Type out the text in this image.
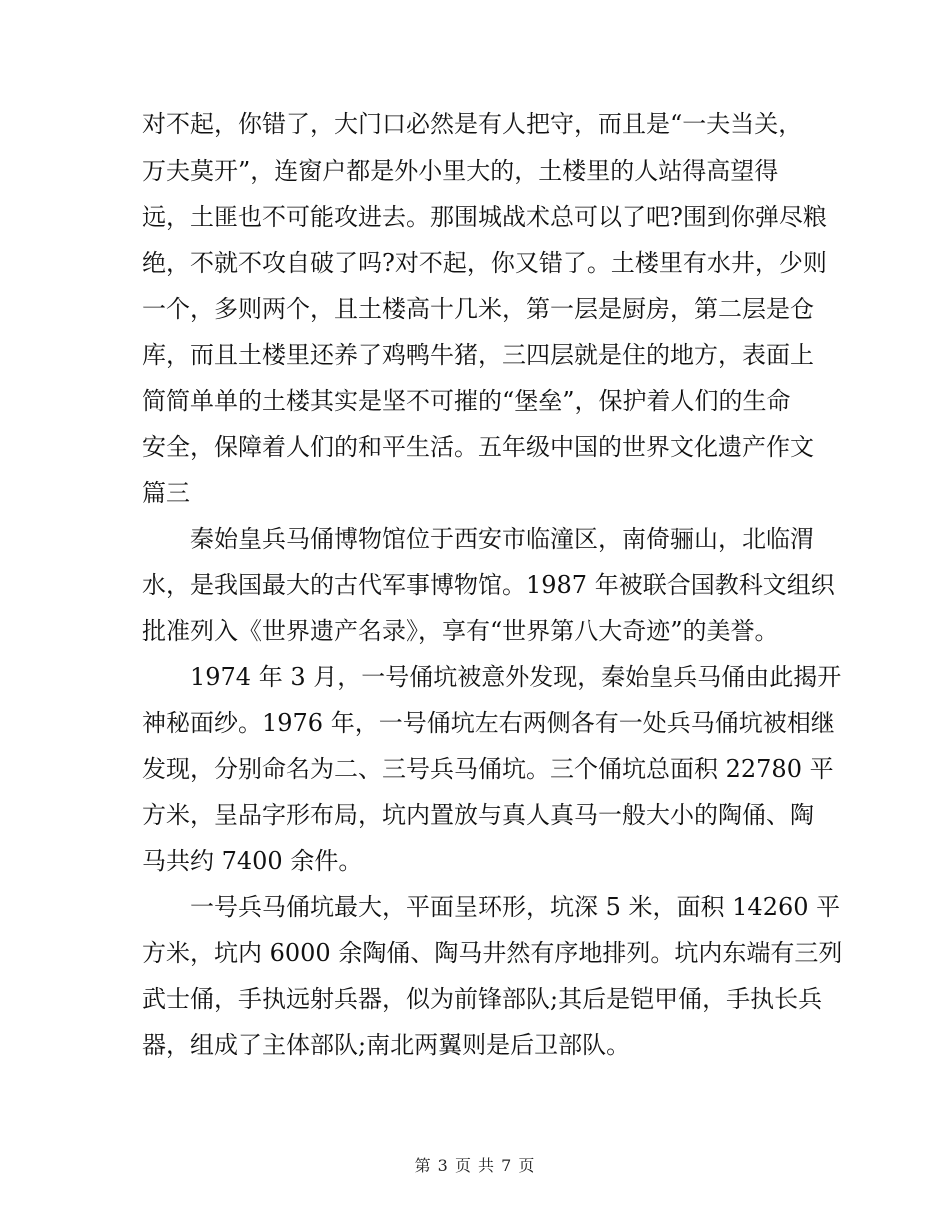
对不起，你错了，大门口必然是有人把守，而且是“一夫当关，
万夫莫开”，连窗户都是外小里大的，土楼里的人站得高望得
远，土匪也不可能攻进去。那围城战术总可以了吧?围到你弹尽粮
绝，不就不攻自破了吗?对不起，你又错了。土楼里有水井，少则
一个，多则两个，且土楼高十几米，第一层是厨房，第二层是仓
库，而且土楼里还养了鸡鸭牛猪，三四层就是住的地方，表面上
简简单单的土楼其实是坚不可摧的“堡垒”，保护着人们的生命
安全，保障着人们的和平生活。五年级中国的世界文化遗产作文
篇三
秦始皇兵马俑博物馆位于西安市临潼区，南倚骊山，北临渭
水，是我国最大的古代军事博物馆。1987 年被联合国教科文组织
批准列入《世界遗产名录》，享有“世界第八大奇迹”的美誉。
1974 年 3 月，一号俑坑被意外发现，秦始皇兵马俑由此揭开
神秘面纱。1976 年，一号俑坑左右两侧各有一处兵马俑坑被相继
发现，分别命名为二、三号兵马俑坑。三个俑坑总面积 22780 平
方米，呈品字形布局，坑内置放与真人真马一般大小的陶俑、陶
马共约 7400 余件。
一号兵马俑坑最大，平面呈环形，坑深 5 米，面积 14260 平
方米，坑内 6000 余陶俑、陶马井然有序地排列。坑内东端有三列
武士俑，手执远射兵器，似为前锋部队;其后是铠甲俑，手执长兵
器，组成了主体部队;南北两翼则是后卫部队。
第 3 页 共 7 页
